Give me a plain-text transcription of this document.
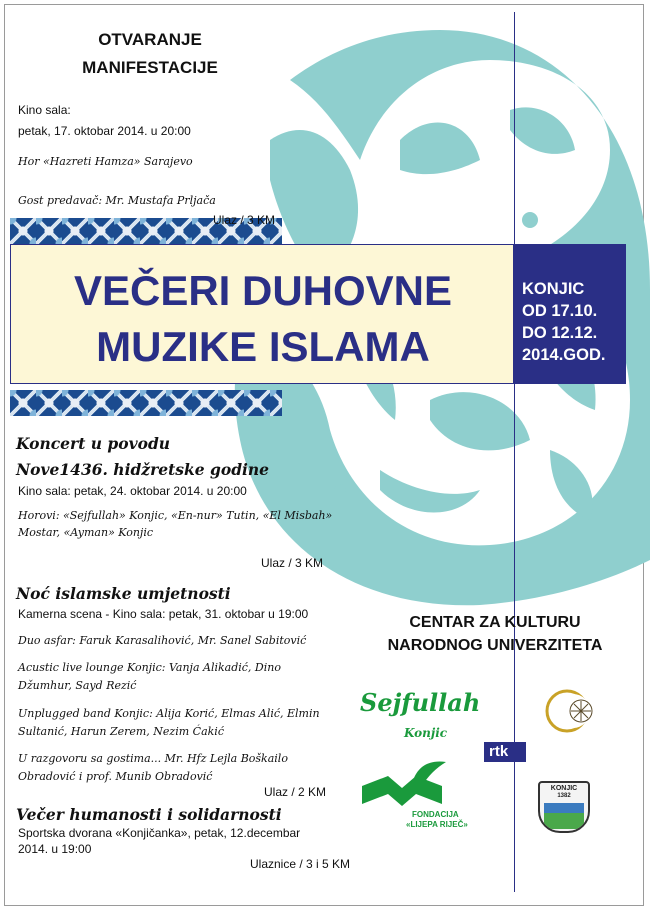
OTVARANJE
MANIFESTACIJE
Kino sala:
petak, 17. oktobar 2014. u 20:00
Hor «Hazreti Hamza» Sarajevo
Gost predavač: Mr. Mustafa Prljača
Ulaz / 3 KM
VEČERI DUHOVNE
MUZIKE ISLAMA
KONJIC
OD 17.10.
DO 12.12.
2014.GOD.
Koncert u povodu
Nove1436. hidžretske godine
Kino sala: petak, 24. oktobar 2014. u 20:00
Horovi: «Sejfullah» Konjic, «En-nur» Tutin, «El Misbah»
Mostar, «Ayman» Konjic
Ulaz / 3 KM
Noć islamske umjetnosti
Kamerna scena - Kino sala: petak, 31. oktobar u 19:00
Duo asfar: Faruk Karasalihović, Mr. Sanel Sabitović
Acustic live lounge Konjic: Vanja Alikadić, Dino
Džumhur, Sayd Rezić
Unplugged band Konjic: Alija Korić, Elmas Alić, Elmin
Sultanić, Harun Zerem, Nezim Ćakić
U razgovoru sa gostima... Mr. Hfz Lejla Boškailo
Obradović i prof. Munib Obradović
Ulaz / 2 KM
Večer humanosti i solidarnosti
Sportska dvorana «Konjičanka», petak, 12.decembar
2014. u 19:00
Ulaznice / 3 i 5 KM
CENTAR ZA KULTURU
NARODNOG UNIVERZITETA
Sejfullah
Konjic
rtk
FONDACIJA
«LIJEPA RIJEČ»
KONJIC
1382
